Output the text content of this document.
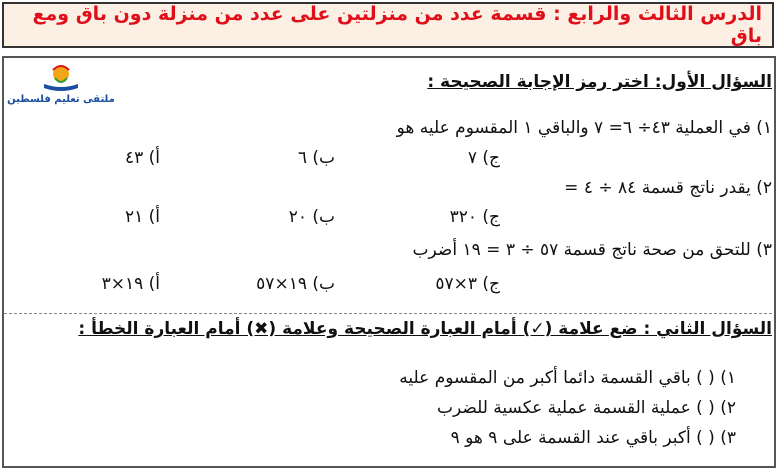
الدرس الثالث والرابع : قسمة عدد من منزلتين على عدد من منزلة دون باق ومع باق
ملتقى تعليم فلسطين
السؤال الأول: اختر رمز الإجابة الصحيحة :
١) في العملية ٤٣÷ ٦= ٧ والباقي ١ المقسوم عليه هو
أ) ٤٣	ب) ٦	ج) ٧
٢) يقدر ناتج قسمة ٨٤ ÷ ٤ =
أ) ٢١	ب) ٢٠	ج) ٣٢٠
٣) للتحق من صحة ناتج قسمة ٥٧ ÷ ٣ = ١٩ أضرب
أ) ١٩×٣	ب) ١٩×٥٧	ج) ٣×٥٧
السؤال الثاني : ضع علامة (✓) أمام العبارة الصحيحة وعلامة (✖) أمام العبارة الخطأ :
١) ( ) باقي القسمة دائما أكبر من المقسوم عليه
٢) ( ) عملية القسمة عملية عكسية للضرب
٣) ( ) أكبر باقي عند القسمة على ٩ هو ٩
